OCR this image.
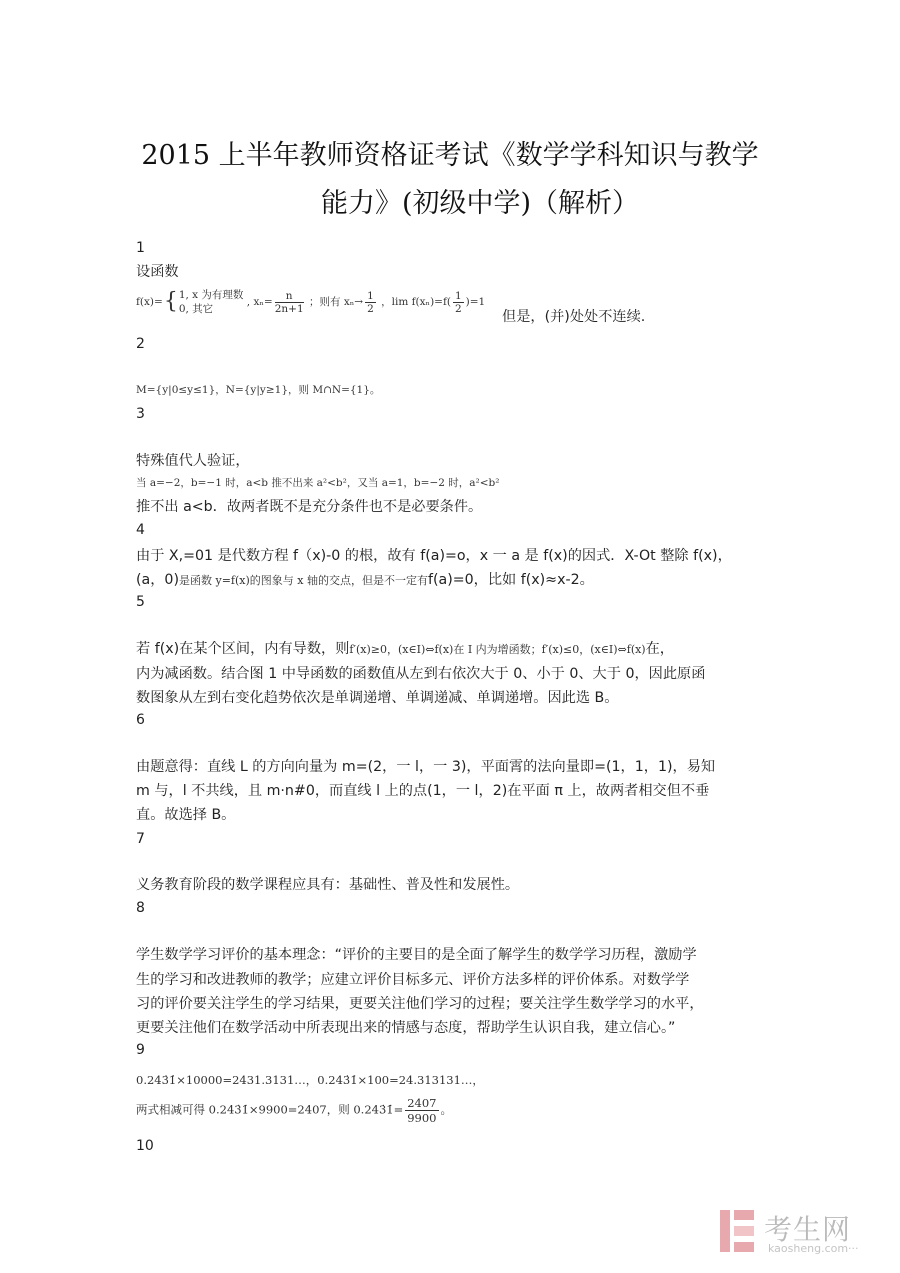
2015 上半年教师资格证考试《数学学科知识与教学
能力》(初级中学)（解析）
1
设函数
f(x)={ 1, x 为有理数
0, 其它
, $x_n= \frac{n}{2n+1}$ ；则有 $x_n\to \frac{1}{2}$ ，$\lim f(x_n)=f( \frac{1}{2} )=1$
但是，(并)处处不连续.
2
M={y|0≤y≤1}，N={y|y≥1}，则 M∩N={1}。
3
特殊值代人验证，
当 a=−2，b=−1 时，a<b 推不出来 a²<b²，又当 a=1，b=−2 时，a²<b²
推不出 a<b．故两者既不是充分条件也不是必要条件。
4
由于 X,=01 是代数方程 f（x)-0 的根，故有 f(a)=o，x 一 a 是 f(x)的因式．X-Ot 整除 f(x)，
(a，0)是函数 y=f(x)的图象与 x 轴的交点，但是不一定有f(a)=0，比如 f(x)≈x-2。
5
若 f(x)在某个区间，内有导数，则f′(x)≥0，(x∈I)⇔f(x)在 I 内为增函数；f′(x)≤0，(x∈I)⇔f(x)在，
内为减函数。结合图 1 中导函数的函数值从左到右依次大于 0、小于 0、大于 0，因此原函
数图象从左到右变化趋势依次是单调递增、单调递减、单调递增。因此选 B。
6
由题意得：直线 L 的方向向量为 m=(2，一 l，一 3)，平面霄的法向量即=(1，1，1)，易知
m 与，l 不共线，且 m·n#0，而直线 l 上的点(1，一 l，2)在平面 π 上，故两者相交但不垂
直。故选择 B。
7
义务教育阶段的数学课程应具有：基础性、普及性和发展性。
8
学生数学学习评价的基本理念：“评价的主要目的是全面了解学生的数学学习历程，激励学
生的学习和改进教师的教学；应建立评价目标多元、评价方法多样的评价体系。对数学学
习的评价要关注学生的学习结果，更要关注他们学习的过程；要关注学生数学学习的水平，
更要关注他们在数学活动中所表现出来的情感与态度，帮助学生认识自我，建立信心。”
9
0.243̇1̇×10000=2431.3131…，0.243̇1̇×100=24.313131…，
两式相减可得 0.243̇1̇×9900=2407，则 0.243̇1̇= $\frac{2407}{9900}$ 。
10
考生网
kaosheng.com···
